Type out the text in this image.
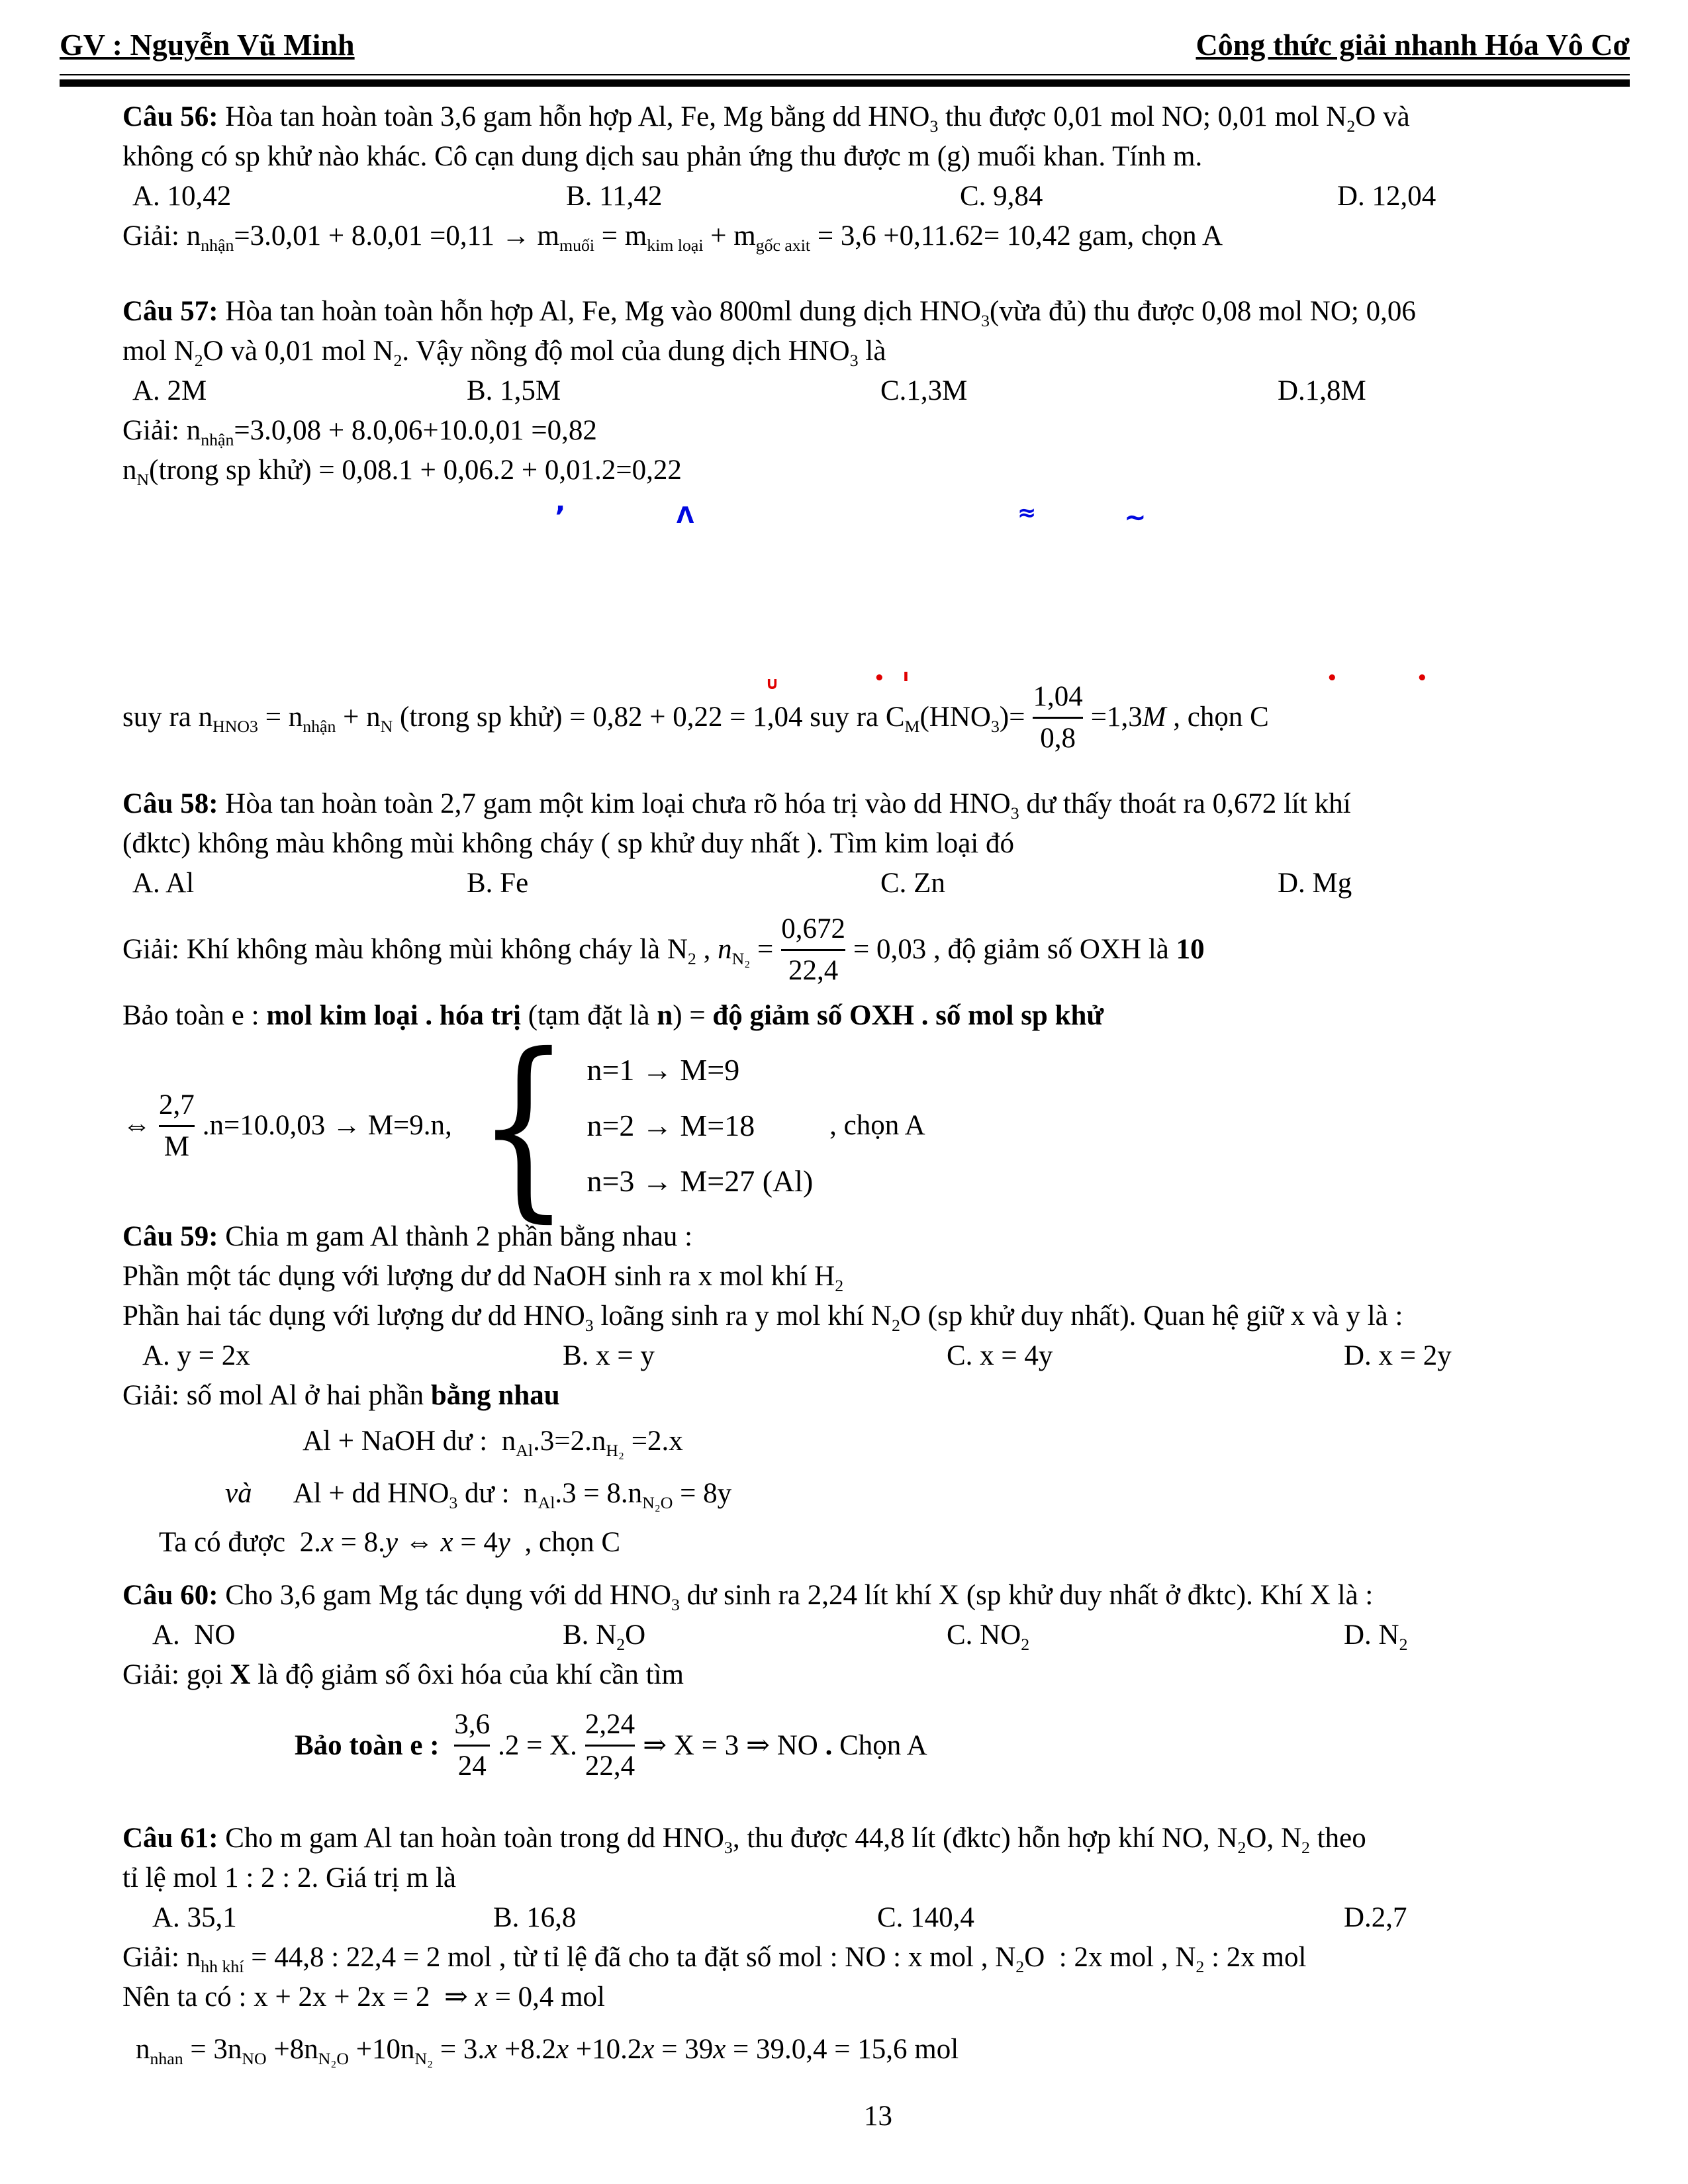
GV : Nguyễn Vũ Minh	Công thức giải nhanh Hóa Vô Cơ
Câu 56: Hòa tan hoàn toàn 3,6 gam hỗn hợp Al, Fe, Mg bằng dd $HNO_3$ thu được 0,01 mol NO; 0,01 mol $N_2O$ và
không có sp khử nào khác. Cô cạn dung dịch sau phản ứng thu được m (g) muối khan. Tính m.
A. 10,42	B. 11,42	C. 9,84	D. 12,04
Giải: $n_{nhận}=3.0,01 + 8.0,01 =0,11 \to m_{muối} = m_{kim loại} + m_{gốc axit} = 3,6 +0,11.62= 10,42$ gam, chọn A
Câu 57: Hòa tan hoàn toàn hỗn hợp Al, Fe, Mg vào 800ml dung dịch $HNO_3(vừa$ đủ) thu được 0,08 mol NO; 0,06
mol $N_2O$ và 0,01 mol $N_2$. Vậy nồng độ mol của dung dịch $HNO_3$ là
A. 2M	B. 1,5M	C.1,3M	D.1,8M
Giải: $n_{nhận}=3.0,08 + 8.0,06+10.0,01 =0,82$
$n_N(trong$ sp khử) = 0,08.1 + 0,06.2 + 0,01.2=0,22
suy ra $n_{HNO3} = n_{nhận} + n_N$ (trong sp khử) = 0,82 + 0,22 = 1,04 suy ra $C_M(HNO_3)= \frac{1,04}{0,8} =1,3M$ , chọn C
Câu 58: Hòa tan hoàn toàn 2,7 gam một kim loại chưa rõ hóa trị vào dd $HNO_3$ dư thấy thoát ra 0,672 lít khí
(đktc) không màu không mùi không cháy ( sp khử duy nhất ). Tìm kim loại đó
A. Al	B. Fe	C. Zn	D. Mg
Giải: Khí không màu không mùi không cháy là $N_2$ , $n_{N_2} = \frac{0,672}{22,4} = 0,03$ , độ giảm số OXH là 10
Bảo toàn e : mol kim loại . hóa trị (tạm đặt là n) = độ giảm số OXH . số mol sp khử
⇔ $\frac{2,7}{M} .n=10.0,03 \to M=9.n$, { n=1 → M=9
n=2 → M=18
n=3 → M=27 (Al)
, chọn A
Câu 59: Chia m gam Al thành 2 phần bằng nhau :
Phần một tác dụng với lượng dư dd NaOH sinh ra x mol khí $H_2$
Phần hai tác dụng với lượng dư dd $HNO_3$ loãng sinh ra y mol khí $N_2O$ (sp khử duy nhất). Quan hệ giữ x và y là :
A. y = 2x	B. x = y	C. x = 4y	D. x = 2y
Giải: số mol Al ở hai phần bằng nhau
Al + NaOH dư :  $n_{Al}.3=2.n_{H_2} =2.x$
và   Al + dd $HNO_3$ dư :  $n_{Al}.3 = 8.n_{N_2O} = 8y$
Ta có được  2.x = 8.y ⇔ x = 4y  , chọn C
Câu 60: Cho 3,6 gam Mg tác dụng với dd $HNO_3$ dư sinh ra 2,24 lít khí X (sp khử duy nhất ở đktc). Khí X là :
A.  NO	B. $N_2O$	C. $NO_2$	D. $N_2$
Giải: gọi X là độ giảm số ôxi hóa của khí cần tìm
Bảo toàn e : $\frac{3,6}{24} .2 = X$. $\frac{2,24}{22,4}$ ⇒ X = 3 ⇒ NO . Chọn A
Câu 61: Cho m gam Al tan hoàn toàn trong dd $HNO_3$, thu được 44,8 lít (đktc) hỗn hợp khí NO, $N_2O$, $N_2$ theo
tỉ lệ mol 1 : 2 : 2. Giá trị m là
A. 35,1	B. 16,8	C. 140,4	D.2,7
Giải: $n_{hh khí} = 44,8$ : 22,4 = 2 mol , từ tỉ lệ đã cho ta đặt số mol : NO : x mol , $N_2O$  : 2x mol , $N_2$ : 2x mol
Nên ta có : x + 2x + 2x = 2  ⇒ x = 0,4 mol
$n_{nhan} = 3n_{NO} +8n_{N_2O} +10n_{N_2} = 3.x +8.2x +10.2x = 39x = 39.0,4 = 15,6$ mol
13
’	Λ	≈	∼
∪	• ı	•	•
